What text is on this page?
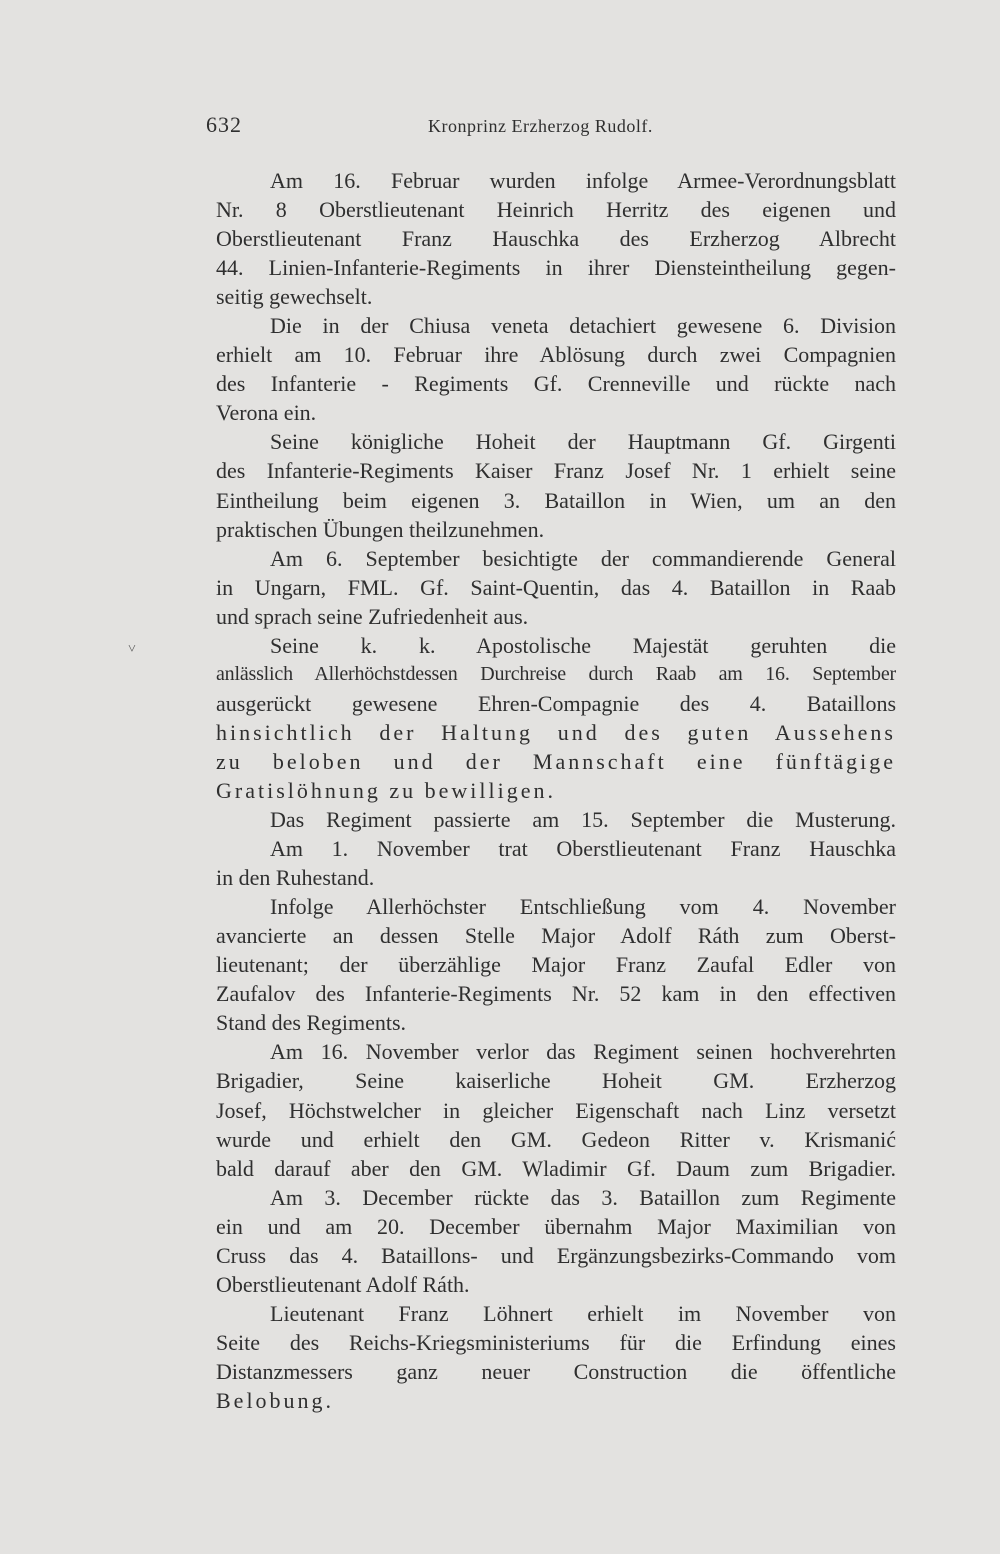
632	Kronprinz Erzherzog Rudolf.
˅
Am 16. Februar wurden infolge Armee-Verordnungsblatt
Nr. 8 Oberstlieutenant Heinrich Herritz des eigenen und
Oberstlieutenant Franz Hauschka des Erzherzog Albrecht
44. Linien-Infanterie-Regiments in ihrer Diensteintheilung gegen-
seitig gewechselt.
Die in der Chiusa veneta detachiert gewesene 6. Division
erhielt am 10. Februar ihre Ablösung durch zwei Compagnien
des Infanterie - Regiments Gf. Crenneville und rückte nach
Verona ein.
Seine königliche Hoheit der Hauptmann Gf. Girgenti
des Infanterie-Regiments Kaiser Franz Josef Nr. 1 erhielt seine
Eintheilung beim eigenen 3. Bataillon in Wien, um an den
praktischen Übungen theilzunehmen.
Am 6. September besichtigte der commandierende General
in Ungarn, FML. Gf. Saint-Quentin, das 4. Bataillon in Raab
und sprach seine Zufriedenheit aus.
Seine k. k. Apostolische Majestät geruhten die
anlässlich Allerhöchstdessen Durchreise durch Raab am 16. September
ausgerückt gewesene Ehren-Compagnie des 4. Bataillons
hinsichtlich der Haltung und des guten Aussehens
zu beloben und der Mannschaft eine fünftägige
Gratislöhnung zu bewilligen.
Das Regiment passierte am 15. September die Musterung.
Am 1. November trat Oberstlieutenant Franz Hauschka
in den Ruhestand.
Infolge Allerhöchster Entschließung vom 4. November
avancierte an dessen Stelle Major Adolf Ráth zum Oberst-
lieutenant; der überzählige Major Franz Zaufal Edler von
Zaufalov des Infanterie-Regiments Nr. 52 kam in den effectiven
Stand des Regiments.
Am 16. November verlor das Regiment seinen hochverehrten
Brigadier, Seine kaiserliche Hoheit GM. Erzherzog
Josef, Höchstwelcher in gleicher Eigenschaft nach Linz versetzt
wurde und erhielt den GM. Gedeon Ritter v. Krismanić
bald darauf aber den GM. Wladimir Gf. Daum zum Brigadier.
Am 3. December rückte das 3. Bataillon zum Regimente
ein und am 20. December übernahm Major Maximilian von
Cruss das 4. Bataillons- und Ergänzungsbezirks-Commando vom
Oberstlieutenant Adolf Ráth.
Lieutenant Franz Löhnert erhielt im November von
Seite des Reichs-Kriegsministeriums für die Erfindung eines
Distanzmessers ganz neuer Construction die öffentliche
Belobung.
